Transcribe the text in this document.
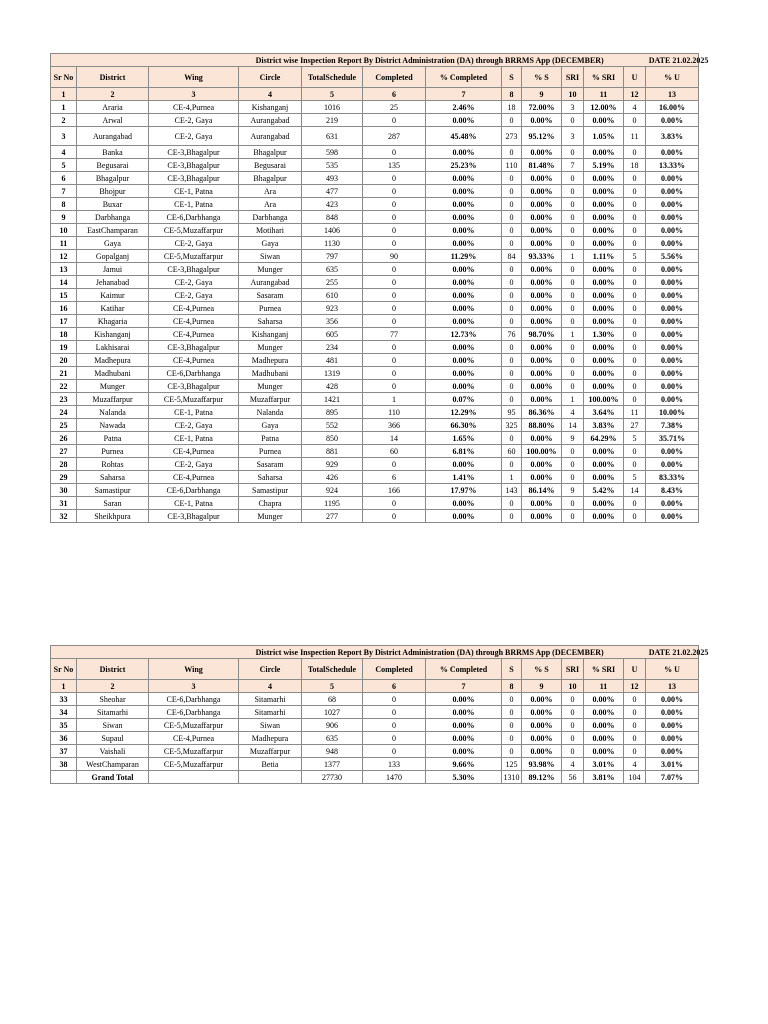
District wise Inspection Report By District Administration (DA) through BRRMS App (DECEMBER) DATE 21.02.2025												
Sr No	District	Wing	Circle	TotalSchedule	Completed	% Completed	S	% S	SRI	% SRI	U	% U
1	2	3	4	5	6	7	8	9	10	11	12	13
1	Araria	CE-4,Purnea	Kishanganj	1016	25	2.46%	18	72.00%	3	12.00%	4	16.00%
2	Arwal	CE-2, Gaya	Aurangabad	219	0	0.00%	0	0.00%	0	0.00%	0	0.00%
3	Aurangabad	CE-2, Gaya	Aurangabad	631	287	45.48%	273	95.12%	3	1.05%	11	3.83%
4	Banka	CE-3,Bhagalpur	Bhagalpur	598	0	0.00%	0	0.00%	0	0.00%	0	0.00%
5	Begusarai	CE-3,Bhagalpur	Begusarai	535	135	25.23%	110	81.48%	7	5.19%	18	13.33%
6	Bhagalpur	CE-3,Bhagalpur	Bhagalpur	493	0	0.00%	0	0.00%	0	0.00%	0	0.00%
7	Bhojpur	CE-1, Patna	Ara	477	0	0.00%	0	0.00%	0	0.00%	0	0.00%
8	Buxar	CE-1, Patna	Ara	423	0	0.00%	0	0.00%	0	0.00%	0	0.00%
9	Darbhanga	CE-6,Darbhanga	Darbhanga	848	0	0.00%	0	0.00%	0	0.00%	0	0.00%
10	EastChamparan	CE-5,Muzaffarpur	Motihari	1406	0	0.00%	0	0.00%	0	0.00%	0	0.00%
11	Gaya	CE-2, Gaya	Gaya	1130	0	0.00%	0	0.00%	0	0.00%	0	0.00%
12	Gopalganj	CE-5,Muzaffarpur	Siwan	797	90	11.29%	84	93.33%	1	1.11%	5	5.56%
13	Jamui	CE-3,Bhagalpur	Munger	635	0	0.00%	0	0.00%	0	0.00%	0	0.00%
14	Jehanabad	CE-2, Gaya	Aurangabad	255	0	0.00%	0	0.00%	0	0.00%	0	0.00%
15	Kaimur	CE-2, Gaya	Sasaram	610	0	0.00%	0	0.00%	0	0.00%	0	0.00%
16	Katihar	CE-4,Purnea	Purnea	923	0	0.00%	0	0.00%	0	0.00%	0	0.00%
17	Khagaria	CE-4,Purnea	Saharsa	356	0	0.00%	0	0.00%	0	0.00%	0	0.00%
18	Kishanganj	CE-4,Purnea	Kishanganj	605	77	12.73%	76	98.70%	1	1.30%	0	0.00%
19	Lakhisarai	CE-3,Bhagalpur	Munger	234	0	0.00%	0	0.00%	0	0.00%	0	0.00%
20	Madhepura	CE-4,Purnea	Madhepura	481	0	0.00%	0	0.00%	0	0.00%	0	0.00%
21	Madhubani	CE-6,Darbhanga	Madhubani	1319	0	0.00%	0	0.00%	0	0.00%	0	0.00%
22	Munger	CE-3,Bhagalpur	Munger	428	0	0.00%	0	0.00%	0	0.00%	0	0.00%
23	Muzaffarpur	CE-5,Muzaffarpur	Muzaffarpur	1421	1	0.07%	0	0.00%	1	100.00%	0	0.00%
24	Nalanda	CE-1, Patna	Nalanda	895	110	12.29%	95	86.36%	4	3.64%	11	10.00%
25	Nawada	CE-2, Gaya	Gaya	552	366	66.30%	325	88.80%	14	3.83%	27	7.38%
26	Patna	CE-1, Patna	Patna	850	14	1.65%	0	0.00%	9	64.29%	5	35.71%
27	Purnea	CE-4,Purnea	Purnea	881	60	6.81%	60	100.00%	0	0.00%	0	0.00%
28	Rohtas	CE-2, Gaya	Sasaram	929	0	0.00%	0	0.00%	0	0.00%	0	0.00%
29	Saharsa	CE-4,Purnea	Saharsa	426	6	1.41%	1	0.00%	0	0.00%	5	83.33%
30	Samastipur	CE-6,Darbhanga	Samastipur	924	166	17.97%	143	86.14%	9	5.42%	14	8.43%
31	Saran	CE-1, Patna	Chapra	1195	0	0.00%	0	0.00%	0	0.00%	0	0.00%
32	Sheikhpura	CE-3,Bhagalpur	Munger	277	0	0.00%	0	0.00%	0	0.00%	0	0.00%
District wise Inspection Report By District Administration (DA) through BRRMS App (DECEMBER) DATE 21.02.2025												
Sr No	District	Wing	Circle	TotalSchedule	Completed	% Completed	S	% S	SRI	% SRI	U	% U
1	2	3	4	5	6	7	8	9	10	11	12	13
33	Sheohar	CE-6,Darbhanga	Sitamarhi	68	0	0.00%	0	0.00%	0	0.00%	0	0.00%
34	Sitamarhi	CE-6,Darbhanga	Sitamarhi	1027	0	0.00%	0	0.00%	0	0.00%	0	0.00%
35	Siwan	CE-5,Muzaffarpur	Siwan	906	0	0.00%	0	0.00%	0	0.00%	0	0.00%
36	Supaul	CE-4,Purnea	Madhepura	635	0	0.00%	0	0.00%	0	0.00%	0	0.00%
37	Vaishali	CE-5,Muzaffarpur	Muzaffarpur	948	0	0.00%	0	0.00%	0	0.00%	0	0.00%
38	WestChamparan	CE-5,Muzaffarpur	Betia	1377	133	9.66%	125	93.98%	4	3.01%	4	3.01%
	Grand Total			27730	1470	5.30%	1310	89.12%	56	3.81%	104	7.07%
